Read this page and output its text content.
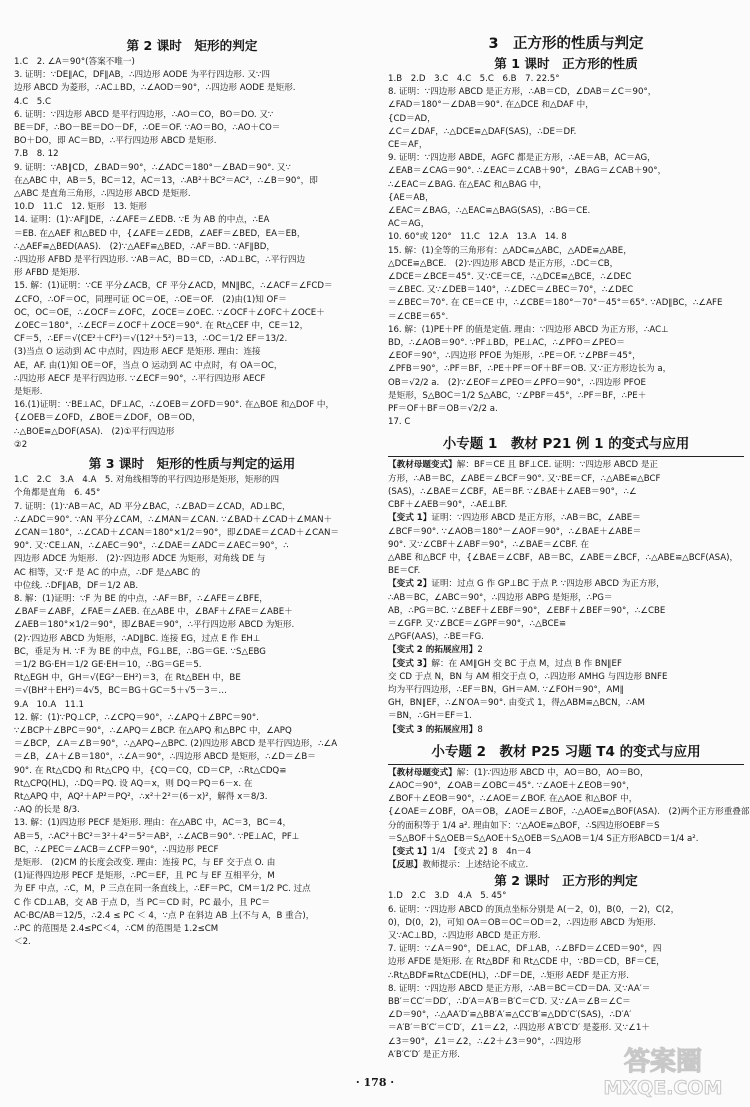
第 2 课时　矩形的判定

1.C　2. ∠A＝90°(答案不唯一)

3. 证明：∵DE∥AC，DF∥AB，∴四边形 AODE 为平行四边形. 又∵四

边形 ABCD 为菱形，∴AC⊥BD，∴∠AOD＝90°，∴四边形 AODE 是矩形.

4.C　5.C

6. 证明：∵四边形 ABCD 是平行四边形，∴AO＝CO，BO＝DO. 又∵

BE＝DF，∴BO－BE＝DO－DF，∴OE＝OF. ∵AO＝BO，∴AO＋CO＝

BO＋DO，即 AC＝BD，∴平行四边形 ABCD 是矩形.

7.B　8. 12

9. 证明：∵AB∥CD，∠BAD＝90°，∴∠ADC＝180°－∠BAD＝90°. 又∵

在△ABC 中，AB＝5，BC＝12，AC＝13，∴AB²＋BC²＝AC²，∴∠B＝90°，即

△ABC 是直角三角形，∴四边形 ABCD 是矩形.

10.D　11.C　12. 矩形　13. 矩形

14. 证明：(1)∵AF∥DE，∴∠AFE＝∠EDB. ∵E 为 AB 的中点，∴EA

＝EB. 在△AEF 和△BED 中，{∠AFE＝∠EDB，∠AEF＝∠BED，EA＝EB，

∴△AEF≌△BED(AAS).　(2)∵△AEF≌△BED，∴AF＝BD. ∵AF∥BD，

∴四边形 AFBD 是平行四边形. ∵AB＝AC，BD＝CD，∴AD⊥BC，∴平行四边

形 AFBD 是矩形.

15. 解：(1)证明：∵CE 平分∠ACB，CF 平分∠ACD，MN∥BC，∴∠ACF＝∠FCD＝

∠CFO，∴OF＝OC，同理可证 OC＝OE，∴OE＝OF.　(2)由(1)知 OF＝

OC，OC＝OE，∴∠OCF＝∠OFC，∠OCE＝∠OEC. ∵∠OCF＋∠OFC＋∠OCE＋

∠OEC＝180°，∴∠ECF＝∠OCF＋∠OCE＝90°. 在 Rt△CEF 中，CE＝12，

CF＝5，∴EF＝√(CE²＋CF²)＝√(12²＋5²)＝13，∴OC＝1/2 EF＝13/2.

(3)当点 O 运动到 AC 中点时，四边形 AECF 是矩形. 理由：连接

AE，AF. 由(1)知 OE＝OF，当点 O 运动到 AC 中点时，有 OA＝OC，

∴四边形 AECF 是平行四边形. ∵∠ECF＝90°，∴平行四边形 AECF

是矩形.

16.(1)证明：∵BE⊥AC，DF⊥AC，∴∠OEB＝∠OFD＝90°. 在△BOE 和△DOF 中，

{∠OEB＝∠OFD，∠BOE＝∠DOF，OB＝OD，

∴△BOE≌△DOF(ASA).　(2)①平行四边形

②2

第 3 课时　矩形的性质与判定的运用

1.C　2.C　3.A　4.A　5. 对角线相等的平行四边形是矩形，矩形的四

个角都是直角　6. 45°

7. 证明：(1)∵AB＝AC，AD 平分∠BAC，∴∠BAD＝∠CAD，AD⊥BC，

∴∠ADC＝90°. ∵AN 平分∠CAM，∴∠MAN＝∠CAN. ∵∠BAD＋∠CAD＋∠MAN＋

∠CAN＝180°，∴∠CAD＋∠CAN＝180°×1/2＝90°，即∠DAE＝∠CAD＋∠CAN＝

90°. 又∵CE⊥AN，∴∠AEC＝90°，∴∠DAE＝∠ADC＝∠AEC＝90°，∴

四边形 ADCE 为矩形.　(2)∵四边形 ADCE 为矩形，对角线 DE 与

AC 相等，又∵F 是 AC 的中点，∴DF 是△ABC 的

中位线. ∴DF∥AB，DF＝1/2 AB.

8. 解：(1)证明：∵F 为 BE 的中点，∴AF＝BF，∴∠AFE＝∠BFE，

∠BAF＝∠ABF，∠FAE＝∠AEB. 在△ABE 中，∠BAF＋∠FAE＝∠ABE＋

∠AEB＝180°×1/2＝90°，即∠BAE＝90°，∴平行四边形 ABCD 为矩形.

(2)∵四边形 ABCD 为矩形，∴AD∥BC. 连接 EG，过点 E 作 EH⊥

BC，垂足为 H. ∵F 为 BE 的中点，FG⊥BE，∴BG＝GE. ∵S△EBG

＝1/2 BG·EH＝1/2 GE·EH＝10，∴BG＝GE＝5.

Rt△EGH 中，GH＝√(EG²－EH²)＝3，在 Rt△BEH 中，BE

＝√(BH²＋EH²)＝4√5，BC＝BG＋GC＝5＋√5－3＝…

9.A　10.A　11.1

12. 解：(1)∵PQ⊥CP，∴∠CPQ＝90°，∴∠APQ＋∠BPC＝90°.

∵∠BCP＋∠BPC＝90°，∴∠APQ＝∠BCP. 在△APQ 和△BPC 中，∠APQ

＝∠BCP，∠A＝∠B＝90°，∴△APQ∽△BPC. (2)四边形 ABCD 是平行四边形，∴∠A

＝∠B，∠A＋∠B＝180°，∴∠A＝90°，∴四边形 ABCD 是矩形，∴∠D＝∠B＝

90°. 在 Rt△CDQ 和 Rt△CPQ 中，{CQ＝CQ，CD＝CP，∴Rt△CDQ≌

Rt△CPQ(HL)，∴DQ＝PQ. 设 AQ＝x，则 DQ＝PQ＝6－x. 在

Rt△APQ 中，AQ²＋AP²＝PQ²，∴x²＋2²＝(6－x)²，解得 x＝8/3.

∴AQ 的长是 8/3.

13. 解：(1)四边形 PECF 是矩形. 理由：在△ABC 中，AC＝3，BC＝4，

AB＝5，∴AC²＋BC²＝3²＋4²＝5²＝AB²，∴∠ACB＝90°. ∵PE⊥AC，PF⊥

BC，∴∠PEC＝∠ACB＝∠CFP＝90°，∴四边形 PECF

是矩形.　(2)CM 的长度会改变. 理由：连接 PC，与 EF 交于点 O. 由

(1)证得四边形 PECF 是矩形，∴PC＝EF，且 PC 与 EF 互相平分，M

为 EF 中点，∴C，M，P 三点在同一条直线上，∴EF＝PC，CM＝1/2 PC. 过点

C 作 CD⊥AB，交 AB 于点 D，当 PC＝CD 时，PC 最小，且 PC＝

AC·BC/AB＝12/5，∴2.4 ≤ PC ＜ 4，∵点 P 在斜边 AB 上(不与 A，B 重合)，

∴PC 的范围是 2.4≤PC＜4，∴CM 的范围是 1.2≤CM

＜2.

3　正方形的性质与判定
第 1 课时　正方形的性质

1.B　2.D　3.C　4.C　5.C　6.B　7. 22.5°

8. 证明：∵四边形 ABCD 是正方形，∴AB＝CD，∠DAB＝∠C＝90°，

∠FAD＝180°－∠DAB＝90°. 在△DCE 和△DAF 中，

{CD＝AD，

∠C＝∠DAF，∴△DCE≌△DAF(SAS)，∴DE＝DF.

CE＝AF，

9. 证明：∵四边形 ABDE，AGFC 都是正方形，∴AE＝AB，AC＝AG，

∠EAB＝∠CAG＝90°. ∴∠EAC＝∠CAB＋90°，∠BAG＝∠CAB＋90°，

∴∠EAC＝∠BAG. 在△EAC 和△BAG 中，

{AE＝AB，

∠EAC＝∠BAG，∴△EAC≌△BAG(SAS)，∴BG＝CE.

AC＝AG，

10. 60°或 120°　11.C　12.A　13.A　14. 8

15. 解：(1)全等的三角形有：△ADC≌△ABC，△ADE≌△ABE，

△DCE≌△BCE.　(2)∵四边形 ABCD 是正方形，∴DC＝CB，

∠DCE＝∠BCE＝45°. 又∵CE＝CE，∴△DCE≌△BCE，∴∠DEC

＝∠BEC. 又∵∠DEB＝140°，∴∠DEC＝∠BEC＝70°，∴∠DEC

＝∠BEC＝70°. 在 CE＝CE 中，∴∠CBE＝180°－70°－45°＝65°. ∵AD∥BC，∴∠AFE

＝∠CBE＝65°.

16. 解：(1)PE＋PF 的值是定值. 理由：∵四边形 ABCD 为正方形，∴AC⊥

BD，∴∠AOB＝90°. ∵PF⊥BD，PE⊥AC，∴∠PFO＝∠PEO＝

∠EOF＝90°，∴四边形 PFOE 为矩形，∴PE＝OF. ∵∠PBF＝45°，

∠PFB＝90°，∴PF＝BF，∴PE＋PF＝OF＋BF＝OB. 又∵正方形边长为 a，

OB＝√2/2 a.　(2)∵∠EOF＝∠PEO＝∠PFO＝90°，∴四边形 PFOE

是矩形，S△BOC＝1/2 S△ABC，∵∠PBF＝45°，∴PF＝BF，∴PE＋

PF＝OF＋BF＝OB＝√2/2 a.

17. C

小专题 1　教材 P21 例 1 的变式与应用

【教材母题变式】解：BF＝CE 且 BF⊥CE. 证明：∵四边形 ABCD 是正

方形，∴AB＝BC，∠ABE＝∠BCF＝90°. 又∵BE＝CF，∴△ABE≌△BCF

(SAS)，∴∠BAE＝∠CBF，AE＝BF. ∵∠BAE＋∠AEB＝90°，∴∠

CBF＋∠AEB＝90°，∴AE⊥BF.

【变式 1】证明：∵四边形 ABCD 是正方形，∴AB＝BC，∠ABE＝

∠BCF＝90°. ∵∠AOB＝180°－∠AOF＝90°，∴∠BAE＋∠ABE＝

90°. 又∵∠CBF＋∠ABF＝90°，∴∠BAE＝∠CBF. 在

△ABE 和△BCF 中，{∠BAE＝∠CBF，AB＝BC，∠ABE＝∠BCF，∴△ABE≌△BCF(ASA)，

BE＝CF.

【变式 2】证明：过点 G 作 GP⊥BC 于点 P. ∵四边形 ABCD 为正方形，

∴AB＝BC，∠ABC＝90°，∴四边形 ABPG 是矩形，∴PG＝

AB，∴PG＝BC. ∵∠BEF＋∠EBF＝90°，∠EBF＋∠BEF＝90°，∴∠CBE

＝∠GFP. 又∵∠BCE＝∠GPF＝90°，∴△BCE≌

△PGF(AAS)，∴BE＝FG.

【变式 2 的拓展应用】2

【变式 3】解：在 AM∥GH 交 BC 于点 M，过点 B 作 BN∥EF

交 CD 于点 N，BN 与 AM 相交于点 O，∴四边形 AMHG 与四边形 BNFE

均为平行四边形，∴EF＝BN，GH＝AM. ∵∠FOH＝90°，AM∥

GH，BN∥EF，∴∠N′OA＝90°. 由变式 1，得△ABM≌△BCN，∴AM

＝BN，∴GH＝EF＝1.

【变式 3 的拓展应用】8

小专题 2　教材 P25 习题 T4 的变式与应用

【教材母题变式】解：(1)∵四边形 ABCD 中，AO＝BO，AO＝BO，

∠AOC＝90°，∠OAB＝∠OBC＝45°. ∵∠AOE＋∠EOB＝90°，

∠BOF＋∠EOB＝90°，∴∠AOE＝∠BOF. 在△AOE 和△BOF 中，

{∠OAE＝∠OBF，OA＝OB，∠AOE＝∠BOF，∴△AOE≌△BOF(ASA).　(2)两个正方形重叠部

分的面积等于 1/4 a². 理由如下：∵△AOE≌△BOF，∴S四边形OEBF＝S

＝S△BOF＋S△OEB＝S△AOE＋S△OEB＝S△AOB＝1/4 S正方形ABCD＝1/4 a².

【变式 1】1/4　【变式 2】8　4n－4

【反思】教师提示：上述结论不成立.

第 2 课时　正方形的判定

1.D　2.C　3.D　4.A　5. 45°

6. 证明：∵四边形 ABCD 的顶点坐标分别是 A(－2，0)，B(0，－2)，C(2，

0)，D(0，2)，可知 OA＝OB＝OC＝OD＝2，∴四边形 ABCD 为矩形.

又∵AC⊥BD，∴四边形 ABCD 是正方形.

7. 证明：∵∠A＝90°，DE⊥AC，DF⊥AB，∴∠BFD＝∠CED＝90°，四

边形 AFDE 是矩形. 在 Rt△BDF 和 Rt△CDE 中，∵BD＝CD，BF＝CE，

∴Rt△BDF≌Rt△CDE(HL)，∴DF＝DE，∴矩形 AEDF 是正方形.

8. 证明：∵四边形 ABCD 是正方形，∴AB＝BC＝CD＝DA. 又∵AA′＝

BB′＝CC′＝DD′，∴D′A＝A′B＝B′C＝C′D. 又∵∠A＝∠B＝∠C＝

∠D＝90°，∴△AA′D′≌△BB′A′≌△CC′B′≌△DD′C′(SAS)，∴D′A′

＝A′B′＝B′C′＝C′D′，∠1＝∠2，∴四边形 A′B′C′D′ 是菱形. 又∵∠1＋

∠3＝90°，∠1＝∠2，∴∠2＋∠3＝90°，∴四边形

A′B′C′D′ 是正方形.

· 178 ·
答案圈
MXQE.COM
